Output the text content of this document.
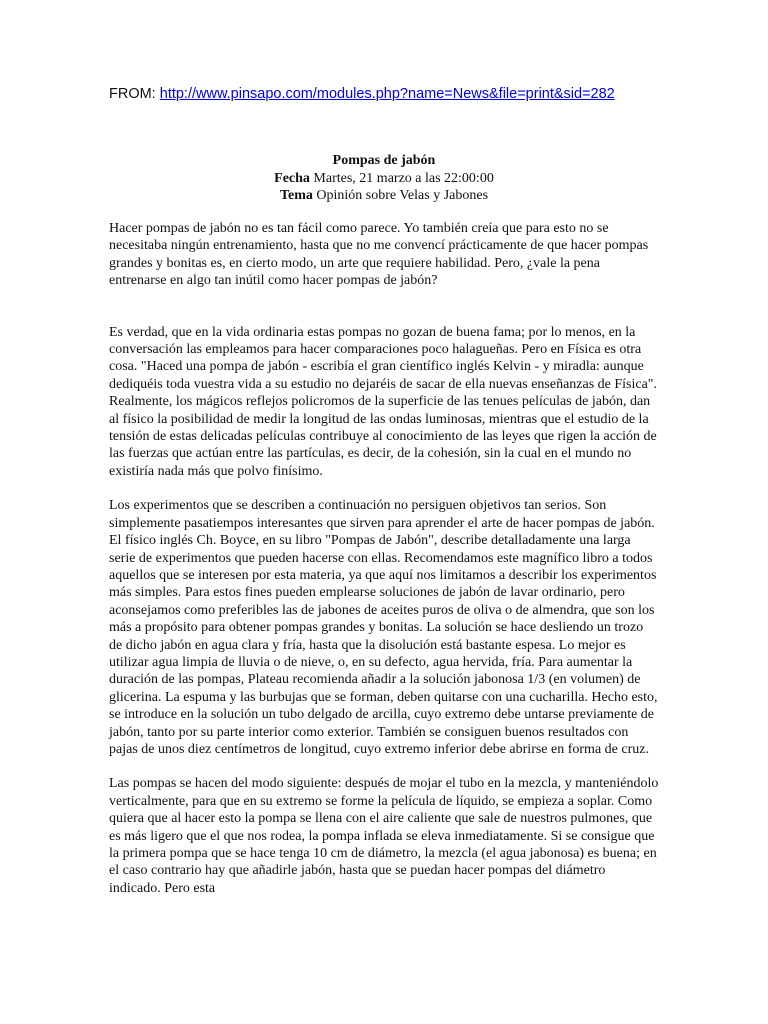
FROM: http://www.pinsapo.com/modules.php?name=News&file=print&sid=282
Pompas de jabón
Fecha Martes, 21 marzo a las 22:00:00
Tema Opinión sobre Velas y Jabones

Hacer pompas de jabón no es tan fácil como parece. Yo también creía que para esto no se necesitaba ningún entrenamiento, hasta que no me convencí prácticamente de que hacer pompas grandes y bonitas es, en cierto modo, un arte que requiere habilidad. Pero, ¿vale la pena entrenarse en algo tan inútil como hacer pompas de jabón?

Es verdad, que en la vida ordinaria estas pompas no gozan de buena fama; por lo menos, en la conversación las empleamos para hacer comparaciones poco halagueñas. Pero en Física es otra cosa. "Haced una pompa de jabón - escribía el gran científico inglés Kelvin - y miradla: aunque dediquéis toda vuestra vida a su estudio no dejaréis de sacar de ella nuevas enseñanzas de Física".

Realmente, los mágicos reflejos policromos de la superficie de las tenues películas de jabón, dan al físico la posibilidad de medir la longitud de las ondas luminosas, mientras que el estudio de la tensión de estas delicadas películas contribuye al conocimiento de las leyes que rigen la acción de las fuerzas que actúan entre las partículas, es decir, de la cohesión, sin la cual en el mundo no existiría nada más que polvo finísimo.

Los experimentos que se describen a continuación no persiguen objetivos tan serios. Son simplemente pasatiempos interesantes que sirven para aprender el arte de hacer pompas de jabón. El físico inglés Ch. Boyce, en su libro "Pompas de Jabón", describe detalladamente una larga serie de experimentos que pueden hacerse con ellas. Recomendamos este magnífico libro a todos aquellos que se interesen por esta materia, ya que aquí nos limitamos a describir los experimentos más simples. Para estos fines pueden emplearse soluciones de jabón de lavar ordinario, pero aconsejamos como preferibles las de jabones de aceites puros de oliva o de almendra, que son los más a propósito para obtener pompas grandes y bonitas. La solución se hace desliendo un trozo de dicho jabón en agua clara y fría, hasta que la disolución está bastante espesa. Lo mejor es utilizar agua limpia de lluvia o de nieve, o, en su defecto, agua hervida, fría. Para aumentar la duración de las pompas, Plateau recomienda añadir a la solución jabonosa 1/3 (en volumen) de glicerina. La espuma y las burbujas que se forman, deben quitarse con una cucharilla. Hecho esto, se introduce en la solución un tubo delgado de arcilla, cuyo extremo debe untarse previamente de jabón, tanto por su parte interior como exterior. También se consiguen buenos resultados con pajas de unos diez centímetros de longitud, cuyo extremo inferior debe abrirse en forma de cruz.

Las pompas se hacen del modo siguiente: después de mojar el tubo en la mezcla, y manteniéndolo verticalmente, para que en su extremo se forme la película de líquido, se empieza a soplar. Como quiera que al hacer esto la pompa se llena con el aire caliente que sale de nuestros pulmones, que es más ligero que el que nos rodea, la pompa inflada se eleva inmediatamente. Si se consigue que la primera pompa que se hace tenga 10 cm de diámetro, la mezcla (el agua jabonosa) es buena; en el caso contrario hay que añadirle jabón, hasta que se puedan hacer pompas del diámetro indicado. Pero esta
